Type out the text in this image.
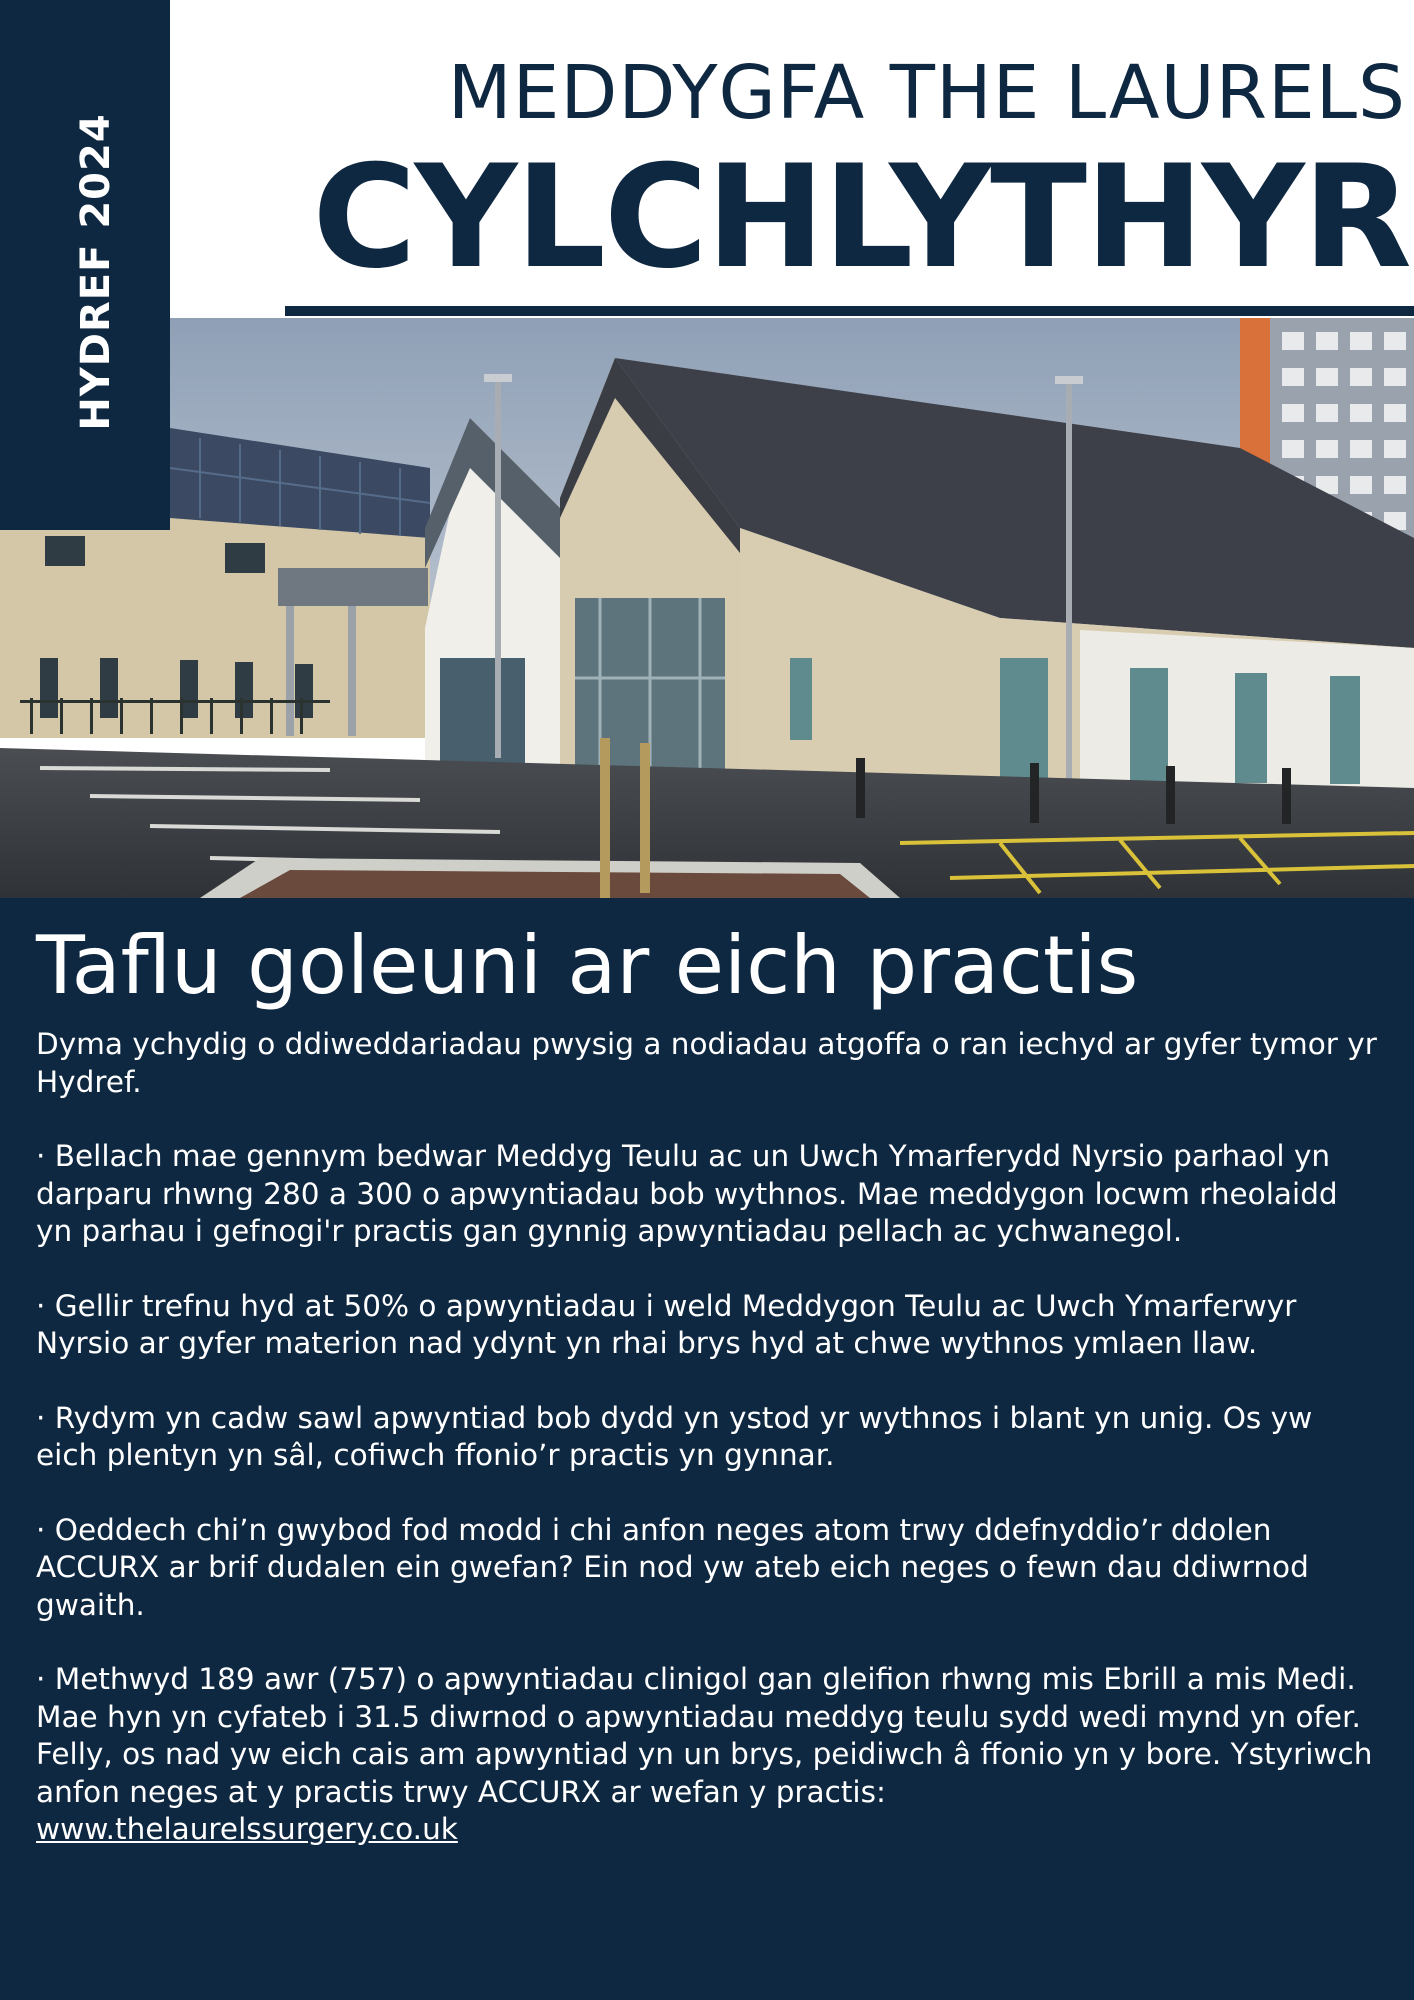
HYDREF 2024
MEDDYGFA THE LAURELS
CYLCHLYTHYR
Taflu goleuni ar eich practis

Dyma ychydig o ddiweddariadau pwysig a nodiadau atgoffa o ran iechyd ar gyfer tymor yr Hydref.

· Bellach mae gennym bedwar Meddyg Teulu ac un Uwch Ymarferydd Nyrsio parhaol yn darparu rhwng 280 a 300 o apwyntiadau bob wythnos. Mae meddygon locwm rheolaidd yn parhau i gefnogi'r practis gan gynnig apwyntiadau pellach ac ychwanegol.

· Gellir trefnu hyd at 50% o apwyntiadau i weld Meddygon Teulu ac Uwch Ymarferwyr Nyrsio ar gyfer materion nad ydynt yn rhai brys hyd at chwe wythnos ymlaen llaw.

· Rydym yn cadw sawl apwyntiad bob dydd yn ystod yr wythnos i blant yn unig. Os yw eich plentyn yn sâl, cofiwch ffonio’r practis yn gynnar.

· Oeddech chi’n gwybod fod modd i chi anfon neges atom trwy ddefnyddio’r ddolen ACCURX ar brif dudalen ein gwefan? Ein nod yw ateb eich neges o fewn dau ddiwrnod gwaith.

· Methwyd 189 awr (757) o apwyntiadau clinigol gan gleifion rhwng mis Ebrill a mis Medi. Mae hyn yn cyfateb i 31.5 diwrnod o apwyntiadau meddyg teulu sydd wedi mynd yn ofer. Felly, os nad yw eich cais am apwyntiad yn un brys, peidiwch â ffonio yn y bore. Ystyriwch anfon neges at y practis trwy ACCURX ar wefan y practis:

www.thelaurelssurgery.co.uk
